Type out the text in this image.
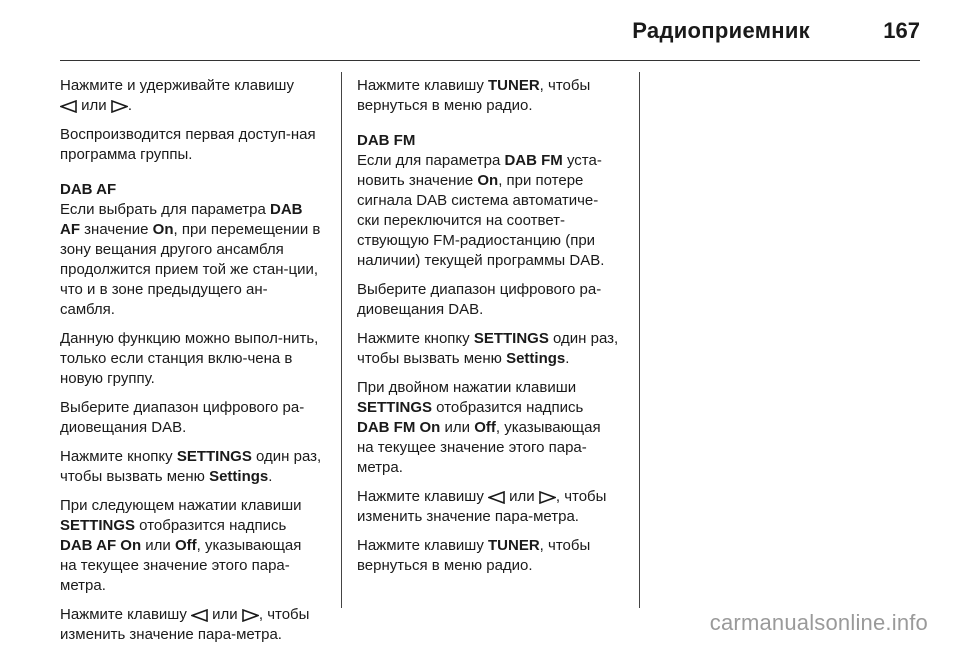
Радиоприемник	167

Нажмите и удерживайте клавишу

или .

Воспроизводится первая доступ-ная программа группы.

DAB AF

Если выбрать для параметра DAB AF значение On, при перемещении в зону вещания другого ансамбля продолжится прием той же стан-ции, что и в зоне предыдущего ан-самбля.

Данную функцию можно выпол-нить, только если станция вклю-чена в новую группу.

Выберите диапазон цифрового ра-диовещания DAB.

Нажмите кнопку SETTINGS один раз, чтобы вызвать меню Settings.

При следующем нажатии клавиши SETTINGS отобразится надпись DAB AF On или Off, указывающая на текущее значение этого пара-метра.

Нажмите клавишу или , чтобы изменить значение пара-метра.

Нажмите клавишу TUNER, чтобы вернуться в меню радио.

DAB FM

Если для параметра DAB FM уста-новить значение On, при потере сигнала DAB система автоматиче-ски переключится на соответ-ствующую FM-радиостанцию (при наличии) текущей программы DAB.

Выберите диапазон цифрового ра-диовещания DAB.

Нажмите кнопку SETTINGS один раз, чтобы вызвать меню Settings.

При двойном нажатии клавиши SETTINGS отобразится надпись DAB FM On или Off, указывающая на текущее значение этого пара-метра.

Нажмите клавишу или , чтобы изменить значение пара-метра.

Нажмите клавишу TUNER, чтобы вернуться в меню радио.

carmanualsonline.info
